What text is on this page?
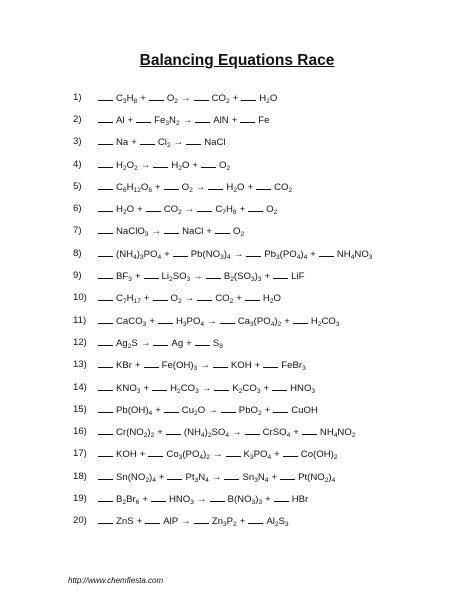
Balancing Equations Race
1)	$C_3H_8 + O_2 \to CO_2 + H_2O$
2)	$Al + Fe_3N_2$ → AlN + Fe
3)	$Na + Cl_2$ → NaCl
4)	$H_2O_2 \to H_2O + O_2$
5)	$C_6H_{12}O_6 + O_2 \to H_2O + CO_2$
6)	$H_2O + CO_2 \to C_7H_8 + O_2$
7)	NaClO$_3$ → NaCl + $O_2$
8)	$(NH_4)_3PO_4 + Pb(NO_3)_4 \to Pb_3(PO_4)_4 + NH_4NO_3$
9)	$BF_3 + Li_2SO_3 \to B_2(SO_3)_3$ + LiF
10)	$C_7H_{17} + O_2 \to CO_2 + H_2O$
11)	CaCO$_3$ + $H_3PO_4 \to Ca_3(PO_4)_2 + H_2CO_3$
12)	$Ag_2S \to Ag + S_8$
13)	KBr + $Fe(OH)_3$ → KOH + FeBr$_3$
14)	$KNO_3 + H_2CO_3 \to K_2CO_3 + HNO_3$
15)	$Pb(OH)_4 + Cu_2O \to PbO_2$ + CuOH
16)	$Cr(NO_2)_2 + (NH_4)_2SO_4$ → CrSO$_4$ + $NH_4NO_2$
17)	KOH + $Co_3(PO_4)_2 \to K_3PO_4 + Co(OH)_2$
18)	$Sn(NO_2)_4 + Pt_3N_4 \to Sn_3N_4 + Pt(NO_2)_4$
19)	$B_2Br_6 + HNO_3 \to B(NO_3)_3$ + HBr
20)	ZnS + AlP → $Zn_3P_2 + Al_2S_3$
http://www.chemfiesta.com
